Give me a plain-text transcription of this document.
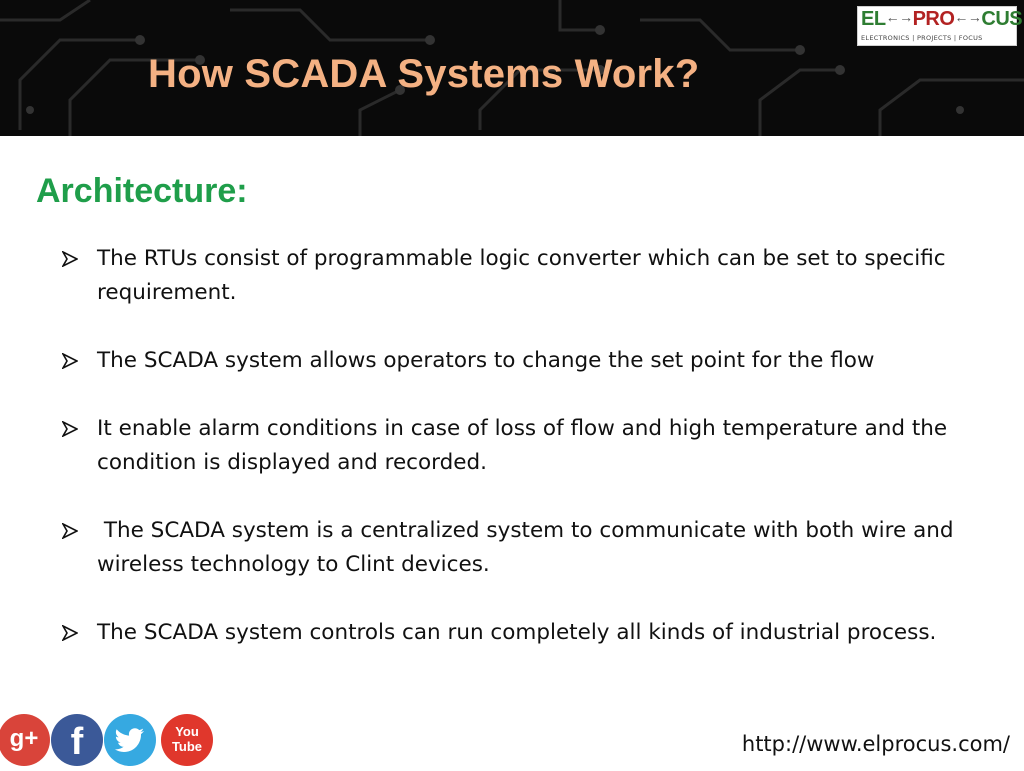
How SCADA Systems Work?
EL←→PRO←→CUS
ELECTRONICS | PROJECTS | FOCUS
Architecture:
The RTUs consist of programmable logic converter which can be set to specific requirement.
The SCADA system allows operators to change the set point for the flow
It enable alarm conditions in case of loss of flow and high temperature and the condition is displayed and recorded.
The SCADA system is a centralized system to communicate with both wire and wireless technology to Clint devices.
The SCADA system controls can run completely all kinds of industrial process.
g+ f	You
Tube	http://www.elprocus.com/
